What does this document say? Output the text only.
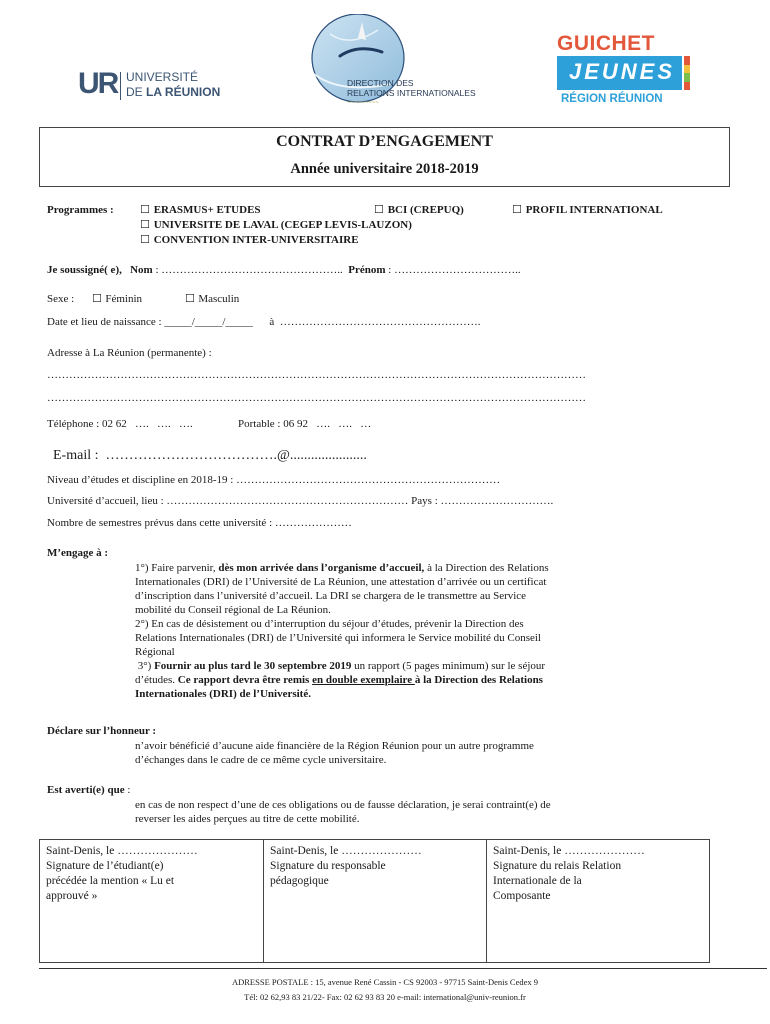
UR UNIVERSITÉ
DE LA RÉUNION
DIRECTION DES
RELATIONS INTERNATIONALES
~~~~~~~~~
GUICHET
JEUNES
RÉGION RÉUNION
CONTRAT D’ENGAGEMENT
Année universitaire 2018-2019
Programmes : ☐ ERASMUS+ ETUDES	☐ BCI (CREPUQ)	☐ PROFIL INTERNATIONAL
☐ UNIVERSITE DE LAVAL (CEGEP LEVIS-LAUZON)
☐ CONVENTION INTER-UNIVERSITAIRE
Je soussigné( e), Nom : ………………………………………….. Prénom : ……………………………..
Sexe : ☐ Féminin	☐ Masculin
Date et lieu de naissance : _____/_____/_____      à  ……………………………………………….
Adresse à La Réunion (permanente) :
…………………………………………………………………………………………………………………………………
…………………………………………………………………………………………………………………………………
Téléphone : 02 62   ….   ….   ….	Portable : 06 92   ….   ….   …
E-mail :  ……………………………….@......................
Niveau d’études et discipline en 2018-19 : ………………………………………………………………
Université d’accueil, lieu : ………………………………………………………… Pays : ………………………….
Nombre de semestres prévus dans cette université : …………………
M’engage à :
1°) Faire parvenir, dès mon arrivée dans l’organisme d’accueil, à la Direction des Relations
Internationales (DRI) de l’Université de La Réunion, une attestation d’arrivée ou un certificat
d’inscription dans l’université d’accueil. La DRI se chargera de le transmettre au Service
mobilité du Conseil régional de La Réunion.
2°) En cas de désistement ou d’interruption du séjour d’études, prévenir la Direction des
Relations Internationales (DRI) de l’Université qui informera le Service mobilité du Conseil
Régional
3°) Fournir au plus tard le 30 septembre 2019 un rapport (5 pages minimum) sur le séjour
d’études. Ce rapport devra être remis en double exemplaire à la Direction des Relations
Internationales (DRI) de l’Université.
Déclare sur l’honneur :
n’avoir bénéficié d’aucune aide financière de la Région Réunion pour un autre programme
d’échanges dans le cadre de ce même cycle universitaire.
Est averti(e) que :
en cas de non respect d’une de ces obligations ou de fausse déclaration, je serai contraint(e) de
reverser les aides perçues au titre de cette mobilité.
Saint-Denis, le …………………
Signature de l’étudiant(e)
précédée la mention « Lu et
approuvé »
Saint-Denis, le …………………
Signature du responsable
pédagogique
Saint-Denis, le …………………
Signature du relais Relation
Internationale de la
Composante
ADRESSE POSTALE : 15, avenue René Cassin - CS 92003 - 97715 Saint-Denis Cedex 9
Tél: 02 62,93 83 21/22- Fax: 02 62 93 83 20 e-mail: international@univ-reunion.fr
